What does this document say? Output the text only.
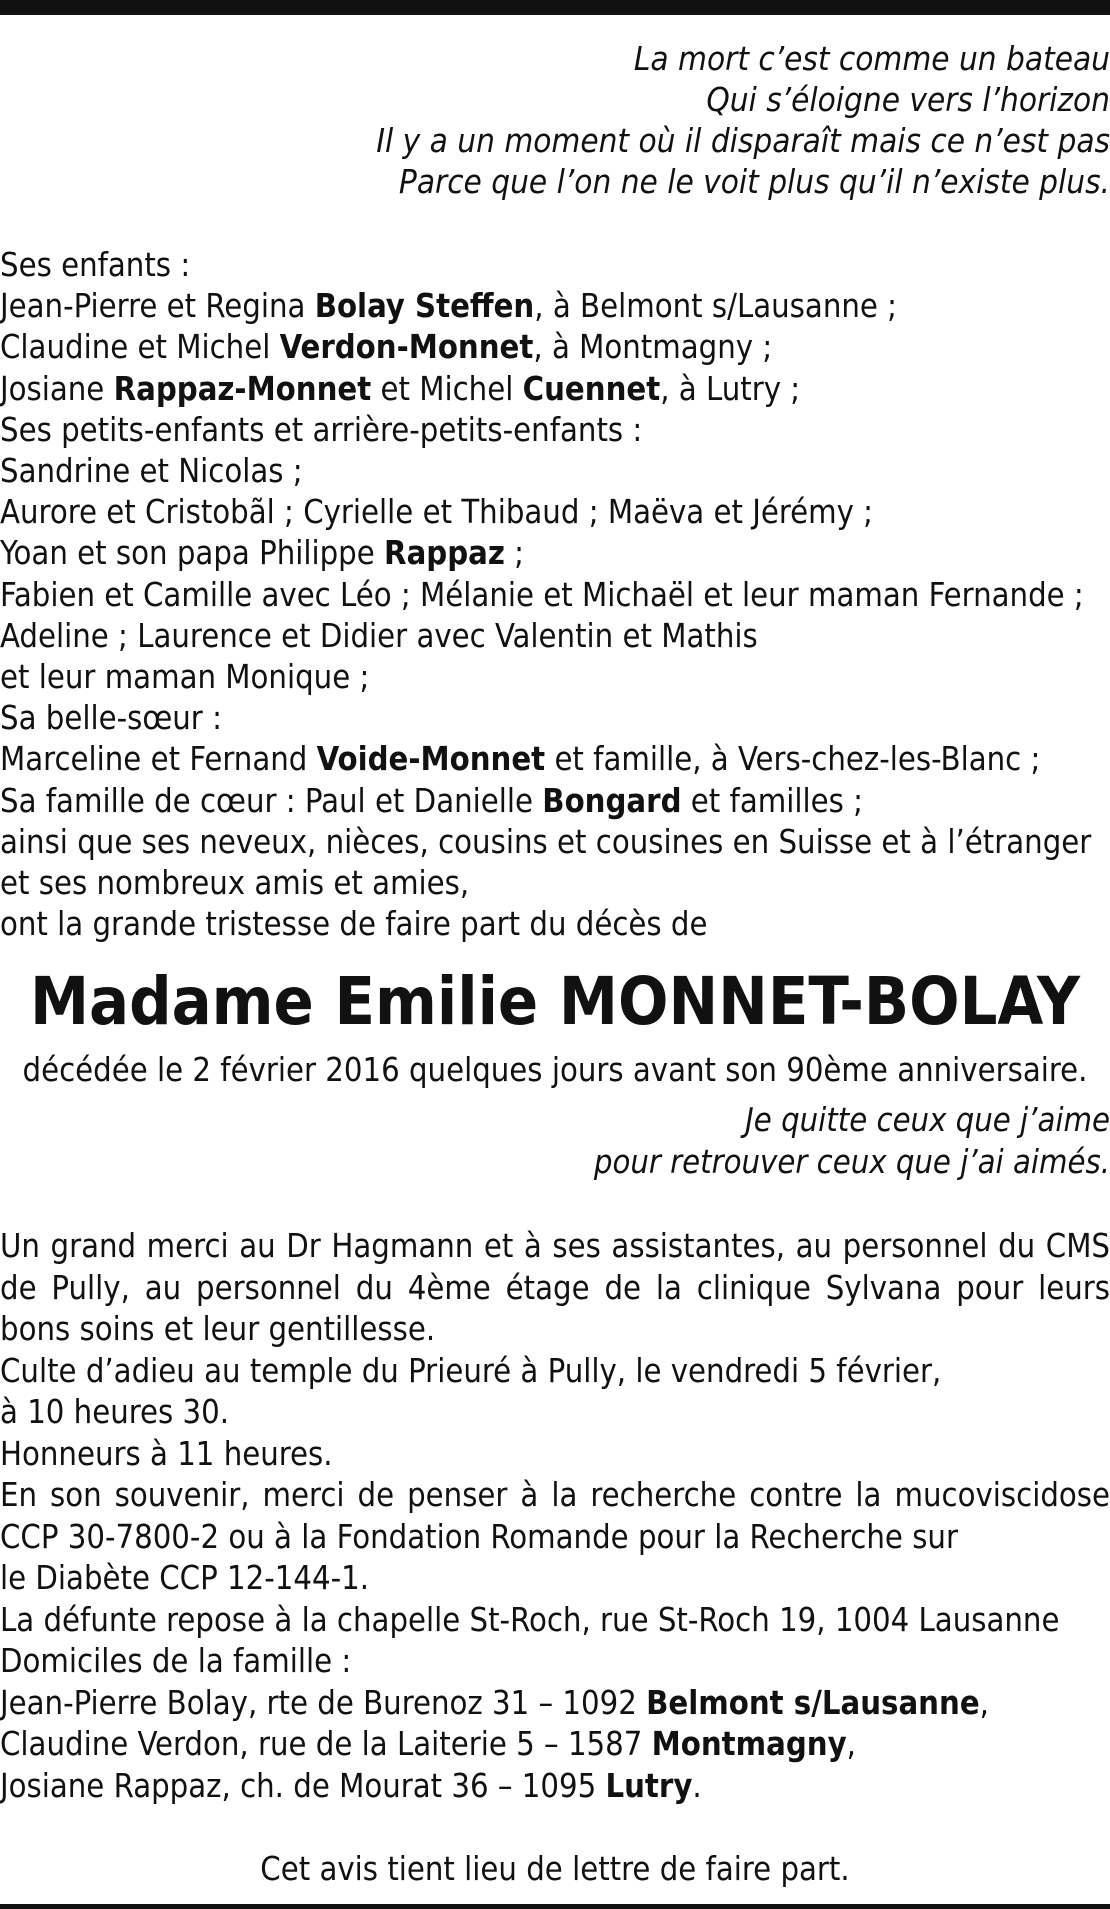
La mort c’est comme un bateau
Qui s’éloigne vers l’horizon
Il y a un moment où il disparaît mais ce n’est pas
Parce que l’on ne le voit plus qu’il n’existe plus.
Ses enfants :
Jean-Pierre et Regina Bolay Steffen, à Belmont s/Lausanne ;
Claudine et Michel Verdon-Monnet, à Montmagny ;
Josiane Rappaz-Monnet et Michel Cuennet, à Lutry ;
Ses petits-enfants et arrière-petits-enfants :
Sandrine et Nicolas ;
Aurore et Cristobãl ; Cyrielle et Thibaud ; Maëva et Jérémy ;
Yoan et son papa Philippe Rappaz ;
Fabien et Camille avec Léo ; Mélanie et Michaël et leur maman Fernande ;
Adeline ; Laurence et Didier avec Valentin et Mathis
et leur maman Monique ;
Sa belle-sœur :
Marceline et Fernand Voide-Monnet et famille, à Vers-chez-les-Blanc ;
Sa famille de cœur : Paul et Danielle Bongard et familles ;
ainsi que ses neveux, nièces, cousins et cousines en Suisse et à l’étranger
et ses nombreux amis et amies,
ont la grande tristesse de faire part du décès de
Madame Emilie MONNET-BOLAY
décédée le 2 février 2016 quelques jours avant son 90ème anniversaire.
Je quitte ceux que j’aime
pour retrouver ceux que j’ai aimés.
Un grand merci au Dr Hagmann et à ses assistantes, au personnel du CMS
de Pully, au personnel du 4ème étage de la clinique Sylvana pour leurs
bons soins et leur gentillesse.
Culte d’adieu au temple du Prieuré à Pully, le vendredi 5 février,
à 10 heures 30.
Honneurs à 11 heures.
En son souvenir, merci de penser à la recherche contre la mucoviscidose
CCP 30-7800-2 ou à la Fondation Romande pour la Recherche sur
le Diabète CCP 12-144-1.
La défunte repose à la chapelle St-Roch, rue St-Roch 19, 1004 Lausanne
Domiciles de la famille :
Jean-Pierre Bolay, rte de Burenoz 31 – 1092 Belmont s/Lausanne,
Claudine Verdon, rue de la Laiterie 5 – 1587 Montmagny,
Josiane Rappaz, ch. de Mourat 36 – 1095 Lutry.
Cet avis tient lieu de lettre de faire part.
